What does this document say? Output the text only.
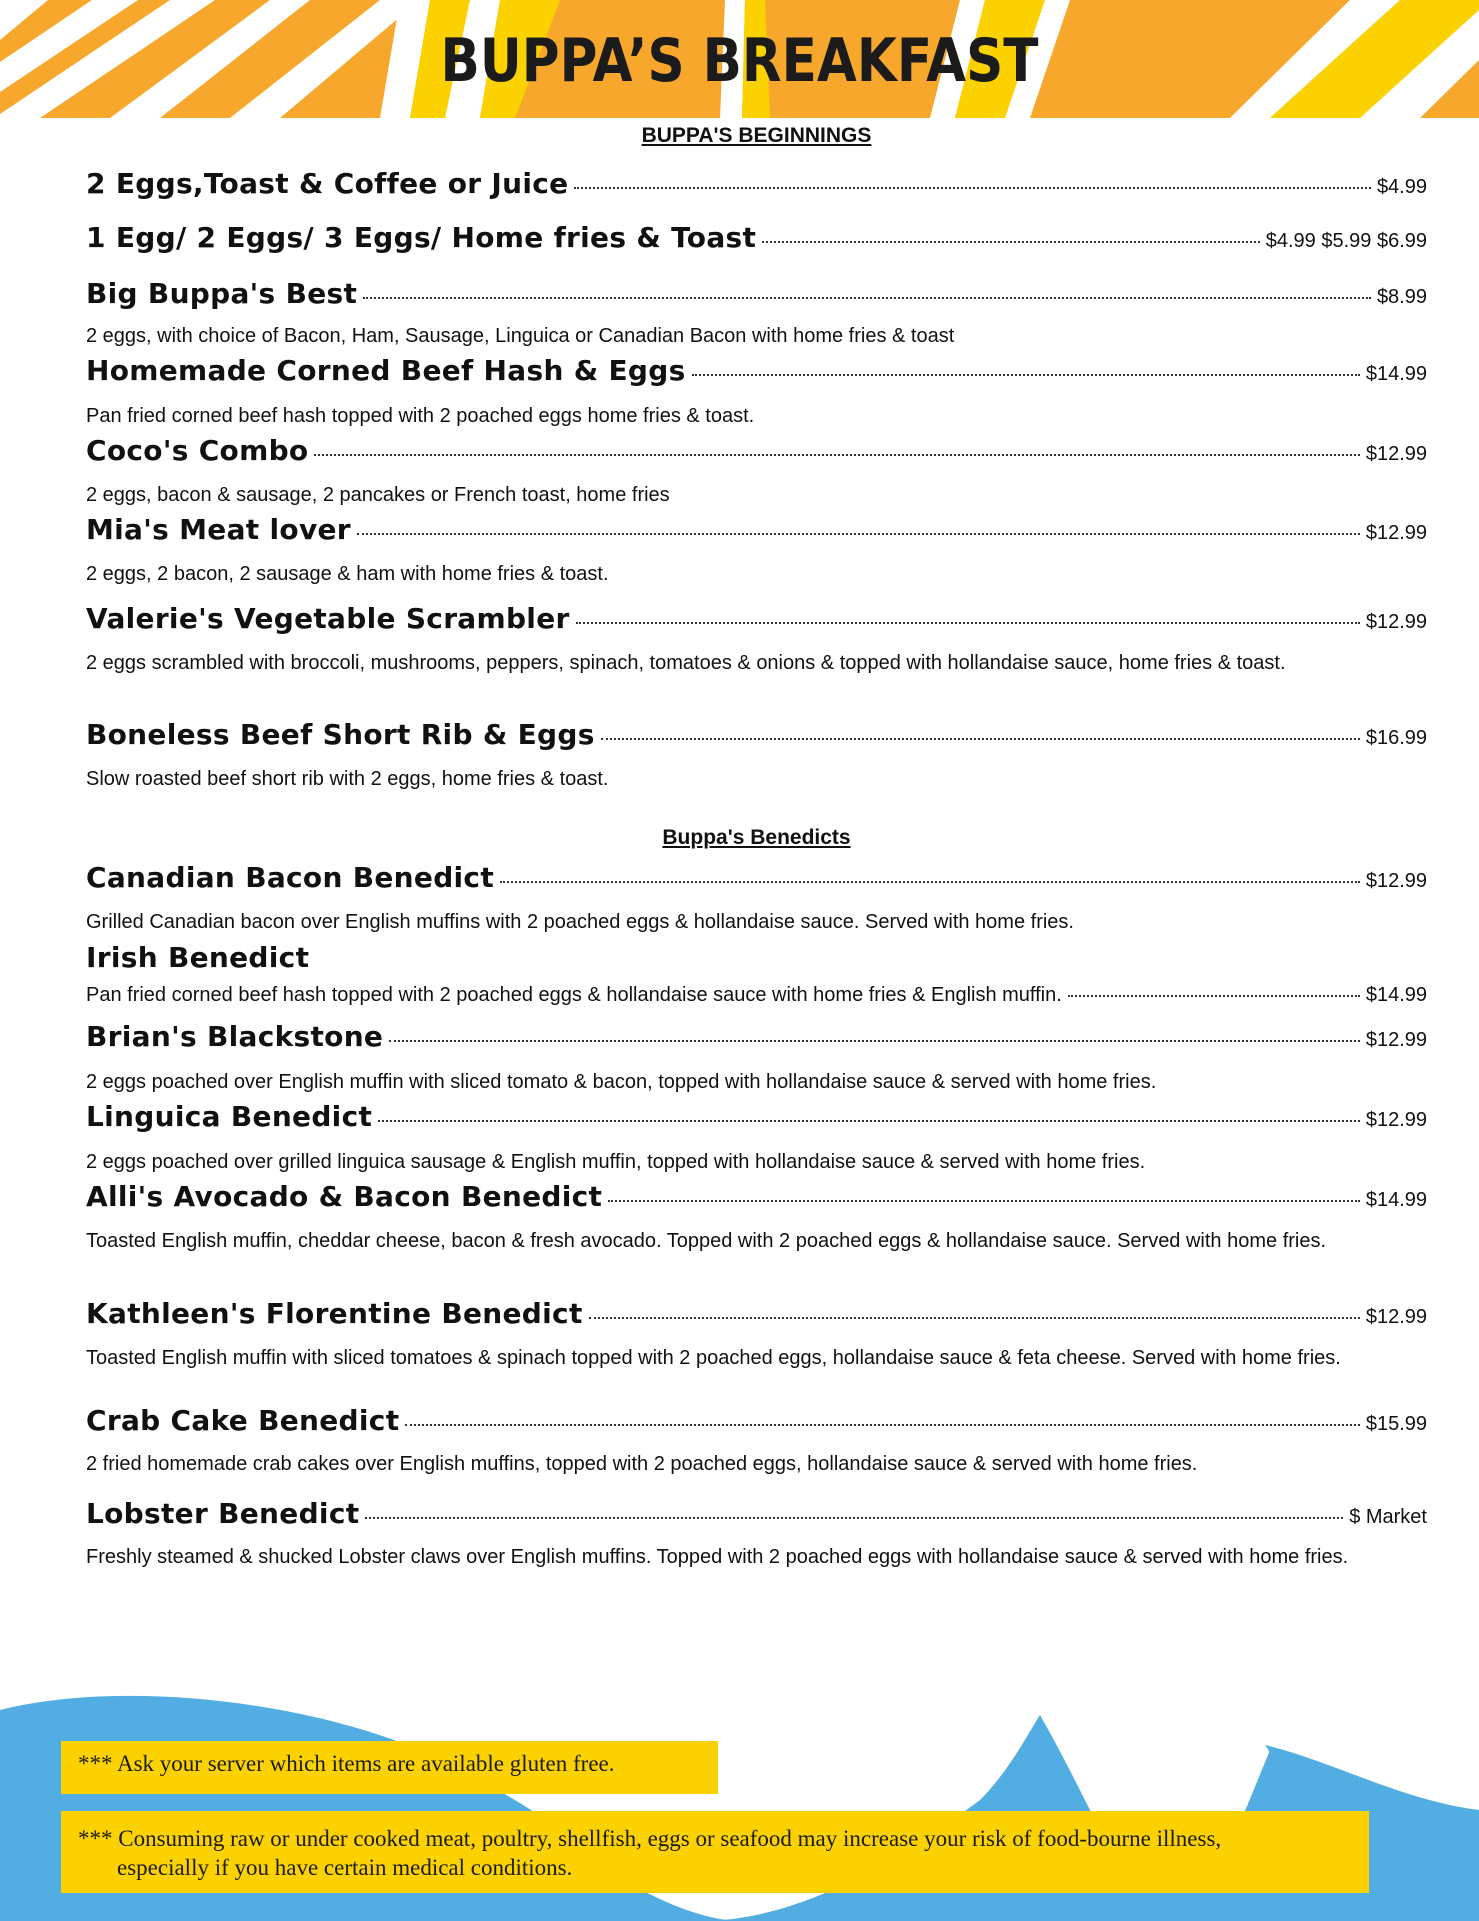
BUPPA’S BREAKFAST
BUPPA'S BEGINNINGS
2 Eggs,Toast & Coffee or Juice	$4.99
1 Egg/ 2 Eggs/ 3 Eggs/ Home fries & Toast	$4.99 $5.99 $6.99
Big Buppa's Best	$8.99
2 eggs, with choice of Bacon, Ham, Sausage, Linguica or Canadian Bacon with home fries & toast
Homemade Corned Beef Hash & Eggs	$14.99
Pan fried corned beef hash topped with 2 poached eggs home fries & toast.
Coco's Combo	$12.99
2 eggs, bacon & sausage, 2 pancakes or French toast, home fries
Mia's Meat lover	$12.99
2 eggs, 2 bacon, 2 sausage & ham with home fries & toast.
Valerie's Vegetable Scrambler	$12.99
2 eggs scrambled with broccoli, mushrooms, peppers, spinach, tomatoes & onions & topped with hollandaise sauce, home fries & toast.
Boneless Beef Short Rib & Eggs	$16.99
Slow roasted beef short rib with 2 eggs, home fries & toast.
Buppa's Benedicts
Canadian Bacon Benedict	$12.99
Grilled Canadian bacon over English muffins with 2 poached eggs & hollandaise sauce. Served with home fries.
Irish Benedict
Pan fried corned beef hash topped with 2 poached eggs & hollandaise sauce with home fries & English muffin.	$14.99
Brian's Blackstone	$12.99
2 eggs poached over English muffin with sliced tomato & bacon, topped with hollandaise sauce & served with home fries.
Linguica Benedict	$12.99
2 eggs poached over grilled linguica sausage & English muffin, topped with hollandaise sauce & served with home fries.
Alli's Avocado & Bacon Benedict	$14.99
Toasted English muffin, cheddar cheese, bacon & fresh avocado. Topped with 2 poached eggs & hollandaise sauce. Served with home fries.
Kathleen's Florentine Benedict	$12.99
Toasted English muffin with sliced tomatoes & spinach topped with 2 poached eggs, hollandaise sauce & feta cheese. Served with home fries.
Crab Cake Benedict	$15.99
2 fried homemade crab cakes over English muffins, topped with 2 poached eggs, hollandaise sauce & served with home fries.
Lobster Benedict	$ Market
Freshly steamed & shucked Lobster claws over English muffins. Topped with 2 poached eggs with hollandaise sauce & served with home fries.
*** Ask your server which items are available gluten free.
*** Consuming raw or under cooked meat, poultry, shellfish, eggs or seafood may increase your risk of food-bourne illness,
especially if you have certain medical conditions.
